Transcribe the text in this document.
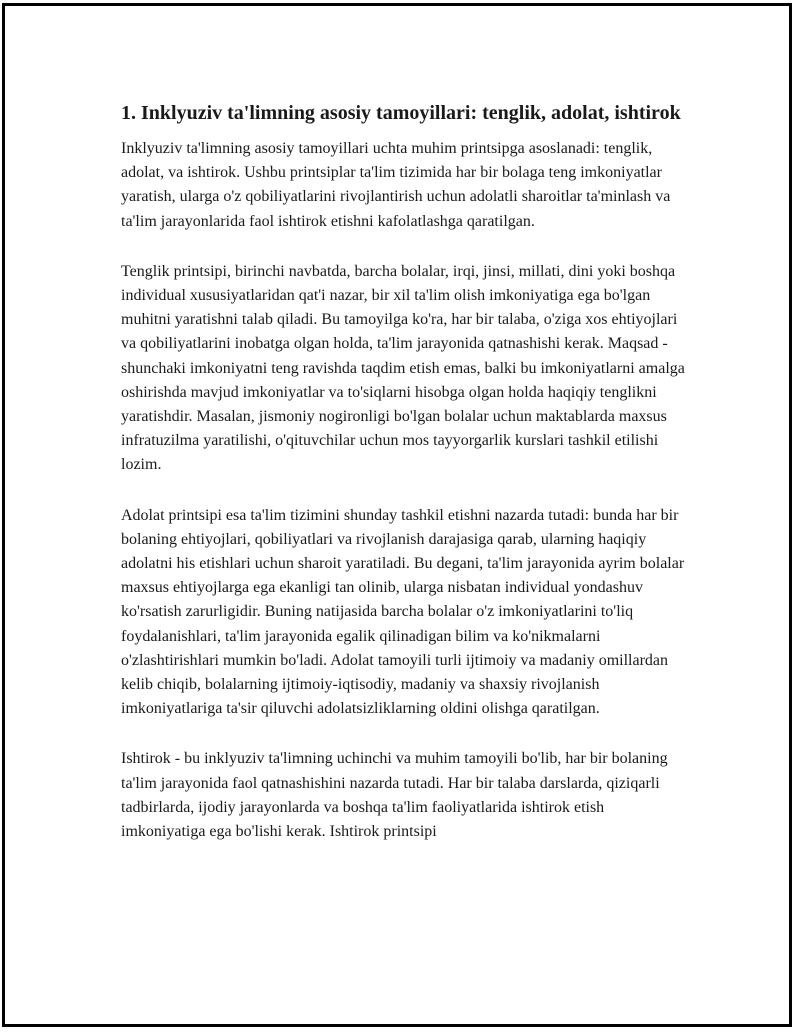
1. Inklyuziv ta'limning asosiy tamoyillari: tenglik, adolat, ishtirok

Inklyuziv ta'limning asosiy tamoyillari uchta muhim printsipga asoslanadi: tenglik, adolat, va ishtirok. Ushbu printsiplar ta'lim tizimida har bir bolaga teng imkoniyatlar yaratish, ularga o'z qobiliyatlarini rivojlantirish uchun adolatli sharoitlar ta'minlash va ta'lim jarayonlarida faol ishtirok etishni kafolatlashga qaratilgan.

Tenglik printsipi, birinchi navbatda, barcha bolalar, irqi, jinsi, millati, dini yoki boshqa individual xususiyatlaridan qat'i nazar, bir xil ta'lim olish imkoniyatiga ega bo'lgan muhitni yaratishni talab qiladi. Bu tamoyilga ko'ra, har bir talaba, o'ziga xos ehtiyojlari va qobiliyatlarini inobatga olgan holda, ta'lim jarayonida qatnashishi kerak. Maqsad - shunchaki imkoniyatni teng ravishda taqdim etish emas, balki bu imkoniyatlarni amalga oshirishda mavjud imkoniyatlar va to'siqlarni hisobga olgan holda haqiqiy tenglikni yaratishdir. Masalan, jismoniy nogironligi bo'lgan bolalar uchun maktablarda maxsus infratuzilma yaratilishi, o'qituvchilar uchun mos tayyorgarlik kurslari tashkil etilishi lozim.

Adolat printsipi esa ta'lim tizimini shunday tashkil etishni nazarda tutadi: bunda har bir bolaning ehtiyojlari, qobiliyatlari va rivojlanish darajasiga qarab, ularning haqiqiy adolatni his etishlari uchun sharoit yaratiladi. Bu degani, ta'lim jarayonida ayrim bolalar maxsus ehtiyojlarga ega ekanligi tan olinib, ularga nisbatan individual yondashuv ko'rsatish zarurligidir. Buning natijasida barcha bolalar o'z imkoniyatlarini to'liq foydalanishlari, ta'lim jarayonida egalik qilinadigan bilim va ko'nikmalarni o'zlashtirishlari mumkin bo'ladi. Adolat tamoyili turli ijtimoiy va madaniy omillardan kelib chiqib, bolalarning ijtimoiy-iqtisodiy, madaniy va shaxsiy rivojlanish imkoniyatlariga ta'sir qiluvchi adolatsizliklarning oldini olishga qaratilgan.

Ishtirok - bu inklyuziv ta'limning uchinchi va muhim tamoyili bo'lib, har bir bolaning ta'lim jarayonida faol qatnashishini nazarda tutadi. Har bir talaba darslarda, qiziqarli tadbirlarda, ijodiy jarayonlarda va boshqa ta'lim faoliyatlarida ishtirok etish imkoniyatiga ega bo'lishi kerak. Ishtirok printsipi
